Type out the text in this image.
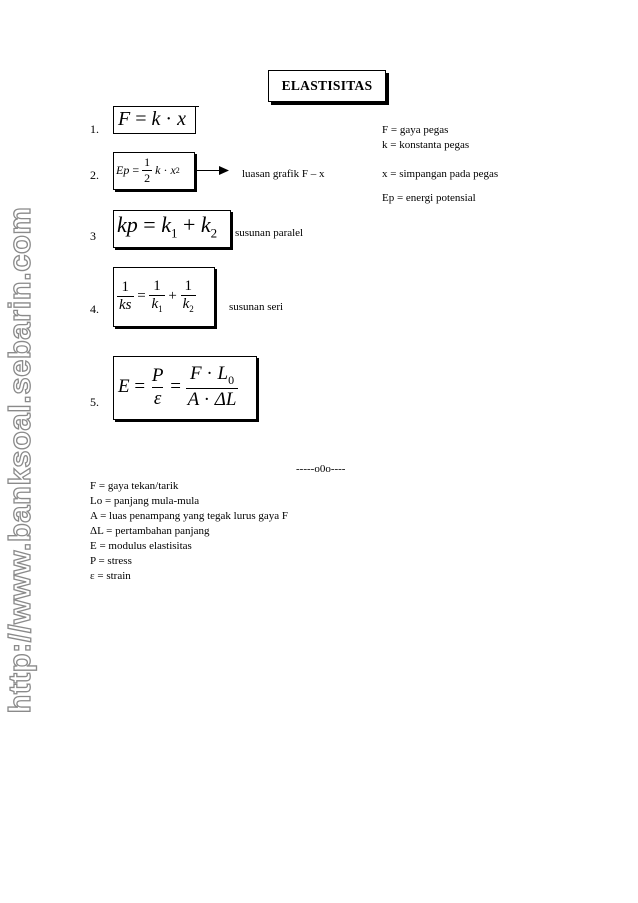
http://www.banksoal.sebarin.com
ELASTISITAS
1. F = k · x	F = gaya pegas
k = konstanta pegas
x = simpangan pada pegas
Ep = energi potensial
2. Ep
=
$\frac{1}{2}$
k
·
x 2	luasan grafik F – x
3 kp = $k_1 + k_2$ susunan paralel
4. $\frac{1}{ks}$
=
$\frac{1}{k_1}$
+
$\frac{1}{k_2}$	susunan seri
5.
E
=
$\frac{P}{\varepsilon}$
=
$\frac{F \cdot L_0}{A \cdot \Delta L}$
-----o0o----
F = gaya tekan/tarik
Lo = panjang mula-mula
A = luas penampang yang tegak lurus gaya F
ΔL = pertambahan panjang
E = modulus elastisitas
P = stress
ε = strain
